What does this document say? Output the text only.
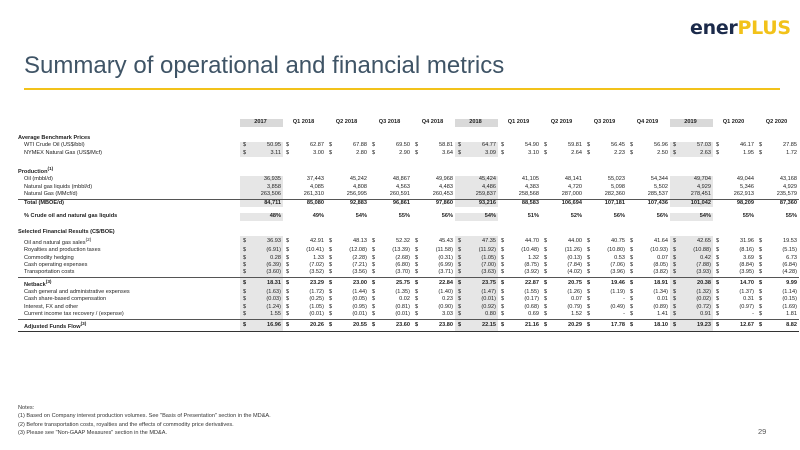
enerPLUS
Summary of operational and financial metrics
	2017	Q1 2018	Q2 2018	Q3 2018	Q4 2018	2018	Q1 2019	Q2 2019	Q3 2019	Q4 2019	2019	Q1 2020	Q2 2020

Average Benchmark Prices													
WTI Crude Oil (US$/bbl)	$ 50.95	$ 62.87	$ 67.88	$ 69.50	$ 58.81	$ 64.77	$ 54.90	$ 59.81	$ 56.45	$ 56.96	$ 57.03	$ 46.17	$ 27.85
NYMEX Natural Gas (US$/Mcf)	$ 3.11	$ 3.00	$ 2.80	$ 2.90	$ 3.64	$ 3.09	$ 3.10	$ 2.64	$ 2.23	$ 2.50	$ 2.63	$ 1.95	$ 1.72

Production$^{(1)}$
Oil (mbbl/d)	36,935	37,443	45,242	48,867	49,968	45,424	41,105	48,141	55,023	54,344	49,704	49,044	43,168
Natural gas liquids (mbbl/d)	3,858	4,085	4,808	4,563	4,483	4,486	4,383	4,720	5,098	5,502	4,929	5,346	4,929
Natural Gas (MMcf/d)	263,506	261,310	256,995	260,591	260,453	259,837	258,568	287,000	282,360	285,537	278,451	262,913	235,579
Total (MBOE/d)	84,711	85,080	92,883	96,861	97,860	93,216	88,583	106,694	107,181	107,436	101,042	98,209	87,360

% Crude oil and natural gas liquids	48%	49%	54%	55%	56%	54%	51%	52%	56%	56%	54%	55%	55%

Selected Financial Results (C$/BOE)													
Oil and natural gas sales$^{(2)}$	$ 36.93	$ 42.91	$ 48.13	$ 52.32	$ 45.43	$ 47.35	$ 44.70	$ 44.00	$ 40.75	$ 41.64	$ 42.65	$ 31.96	$ 19.53
Royalties and production taxes	$ (6.91)	$ (10.41)	$ (12.08)	$ (13.39)	$ (11.58)	$ (11.92)	$ (10.48)	$ (11.26)	$ (10.80)	$ (10.93)	$ (10.88)	$ (8.16)	$ (5.15)
Commodity hedging	$ 0.28	$ 1.33	$ (2.28)	$ (2.68)	$ (0.31)	$ (1.05)	$ 1.32	$ (0.13)	$ 0.53	$ 0.07	$ 0.42	$ 3.69	$ 6.73
Cash operating expenses	$ (6.39)	$ (7.02)	$ (7.21)	$ (6.80)	$ (6.99)	$ (7.00)	$ (8.75)	$ (7.84)	$ (7.06)	$ (8.05)	$ (7.88)	$ (8.84)	$ (6.84)
Transportation costs	$ (3.60)	$ (3.52)	$ (3.56)	$ (3.70)	$ (3.71)	$ (3.63)	$ (3.92)	$ (4.02)	$ (3.96)	$ (3.82)	$ (3.93)	$ (3.95)	$ (4.28)
Netback$^{(3)}$	$ 18.31	$ 23.29	$ 23.00	$ 25.75	$ 22.84	$ 23.75	$ 22.87	$ 20.75	$ 19.46	$ 18.91	$ 20.38	$ 14.70	$ 9.99
Cash general and administrative expenses	$ (1.63)	$ (1.72)	$ (1.44)	$ (1.35)	$ (1.40)	$ (1.47)	$ (1.55)	$ (1.26)	$ (1.19)	$ (1.34)	$ (1.32)	$ (1.37)	$ (1.14)
Cash share-based compensation	$ (0.03)	$ (0.25)	$ (0.05)	$ 0.02	$ 0.23	$ (0.01)	$ (0.17)	$ 0.07	$ -	$ 0.01	$ (0.02)	$ 0.31	$ (0.15)
Interest, FX and other	$ (1.24)	$ (1.05)	$ (0.95)	$ (0.81)	$ (0.90)	$ (0.92)	$ (0.68)	$ (0.79)	$ (0.49)	$ (0.89)	$ (0.72)	$ (0.97)	$ (1.69)
Current income tax recovery / (expense)	$ 1.55	$ (0.01)	$ (0.01)	$ (0.01)	$ 3.03	$ 0.80	$ 0.69	$ 1.52	$ -	$ 1.41	$ 0.91	$ -	$ 1.81
Adjusted Funds Flow$^{(3)}$	$ 16.96	$ 20.26	$ 20.55	$ 23.60	$ 23.80	$ 22.15	$ 21.16	$ 20.29	$ 17.78	$ 18.10	$ 19.23	$ 12.67	$ 8.82
Notes:
(1) Based on Company interest production volumes. See "Basis of Presentation" section in the MD&A.
(2) Before transportation costs, royalties and the effects of commodity price derivatives.
(3) Please see "Non-GAAP Measures" section in the MD&A.	29
